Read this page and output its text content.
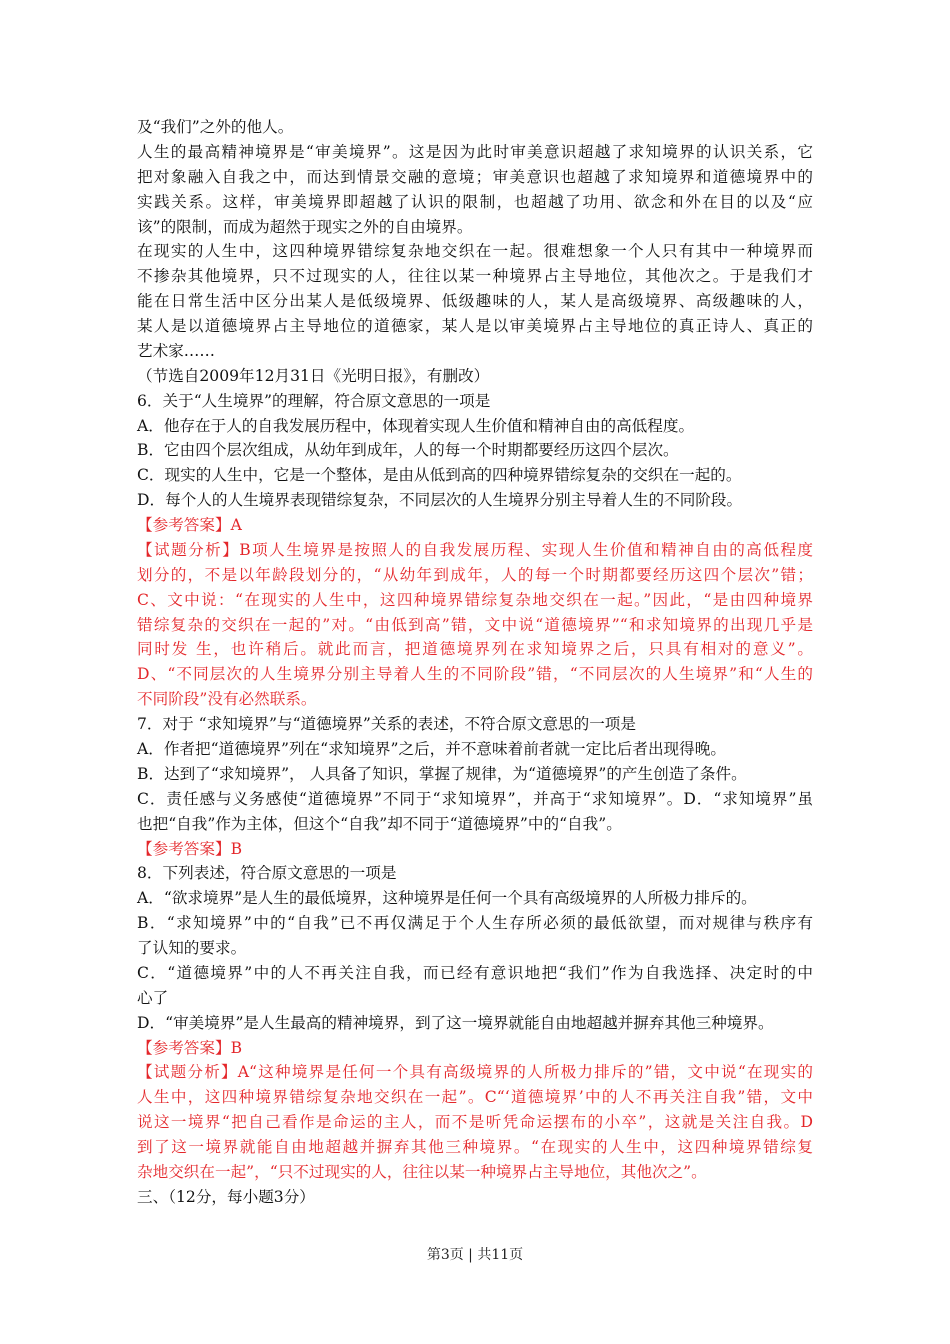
及“我们”之外的他人。
人生的最高精神境界是“审美境界”。这是因为此时审美意识超越了求知境界的认识关系，它
把对象融入自我之中，而达到情景交融的意境；审美意识也超越了求知境界和道德境界中的
实践关系。这样，审美境界即超越了认识的限制，也超越了功用、欲念和外在目的以及“应
该”的限制，而成为超然于现实之外的自由境界。
在现实的人生中，这四种境界错综复杂地交织在一起。很难想象一个人只有其中一种境界而
不掺杂其他境界，只不过现实的人，往往以某一种境界占主导地位，其他次之。于是我们才
能在日常生活中区分出某人是低级境界、低级趣味的人，某人是高级境界、高级趣味的人，
某人是以道德境界占主导地位的道德家，某人是以审美境界占主导地位的真正诗人、真正的
艺术家……
（节选自2009年12月31日《光明日报》，有删改）
6．关于“人生境界”的理解，符合原文意思的一项是
A．他存在于人的自我发展历程中，体现着实现人生价值和精神自由的高低程度。
B．它由四个层次组成，从幼年到成年，人的每一个时期都要经历这四个层次。
C．现实的人生中，它是一个整体，是由从低到高的四种境界错综复杂的交织在一起的。
D．每个人的人生境界表现错综复杂，不同层次的人生境界分别主导着人生的不同阶段。
【参考答案】A
【试题分析】B项人生境界是按照人的自我发展历程、实现人生价值和精神自由的高低程度
划分的，不是以年龄段划分的，“从幼年到成年，人的每一个时期都要经历这四个层次”错；
C、文中说：“在现实的人生中，这四种境界错综复杂地交织在一起。”因此，“是由四种境界
错综复杂的交织在一起的”对。“由低到高”错，文中说“道德境界”“和求知境界的出现几乎是
同时发 生，也许稍后。就此而言，把道德境界列在求知境界之后，只具有相对的意义”。
D、“不同层次的人生境界分别主导着人生的不同阶段”错，“不同层次的人生境界”和“人生的
不同阶段”没有必然联系。
7．对于 “求知境界”与“道德境界”关系的表述，不符合原文意思的一项是
A．作者把“道德境界”列在“求知境界”之后，并不意味着前者就一定比后者出现得晚。
B．达到了“求知境界”， 人具备了知识，掌握了规律，为“道德境界”的产生创造了条件。
C．责任感与义务感使“道德境界”不同于“求知境界”，并高于“求知境界”。D．“求知境界”虽
也把“自我”作为主体，但这个“自我”却不同于“道德境界”中的“自我”。
【参考答案】B
8．下列表述，符合原文意思的一项是
A．“欲求境界”是人生的最低境界，这种境界是任何一个具有高级境界的人所极力排斥的。
B．“求知境界”中的“自我”已不再仅满足于个人生存所必须的最低欲望，而对规律与秩序有
了认知的要求。
C．“道德境界”中的人不再关注自我，而已经有意识地把“我们”作为自我选择、决定时的中
心了
D．“审美境界”是人生最高的精神境界，到了这一境界就能自由地超越并摒弃其他三种境界。
【参考答案】B
【试题分析】A“这种境界是任何一个具有高级境界的人所极力排斥的”错，文中说“在现实的
人生中，这四种境界错综复杂地交织在一起”。C“‘道德境界’中的人不再关注自我”错，文中
说这一境界“把自己看作是命运的主人，而不是听凭命运摆布的小卒”，这就是关注自我。D
到了这一境界就能自由地超越并摒弃其他三种境界。“在现实的人生中，这四种境界错综复
杂地交织在一起”，“只不过现实的人，往往以某一种境界占主导地位，其他次之”。
三、（12分，每小题3分）
第3页 | 共11页
